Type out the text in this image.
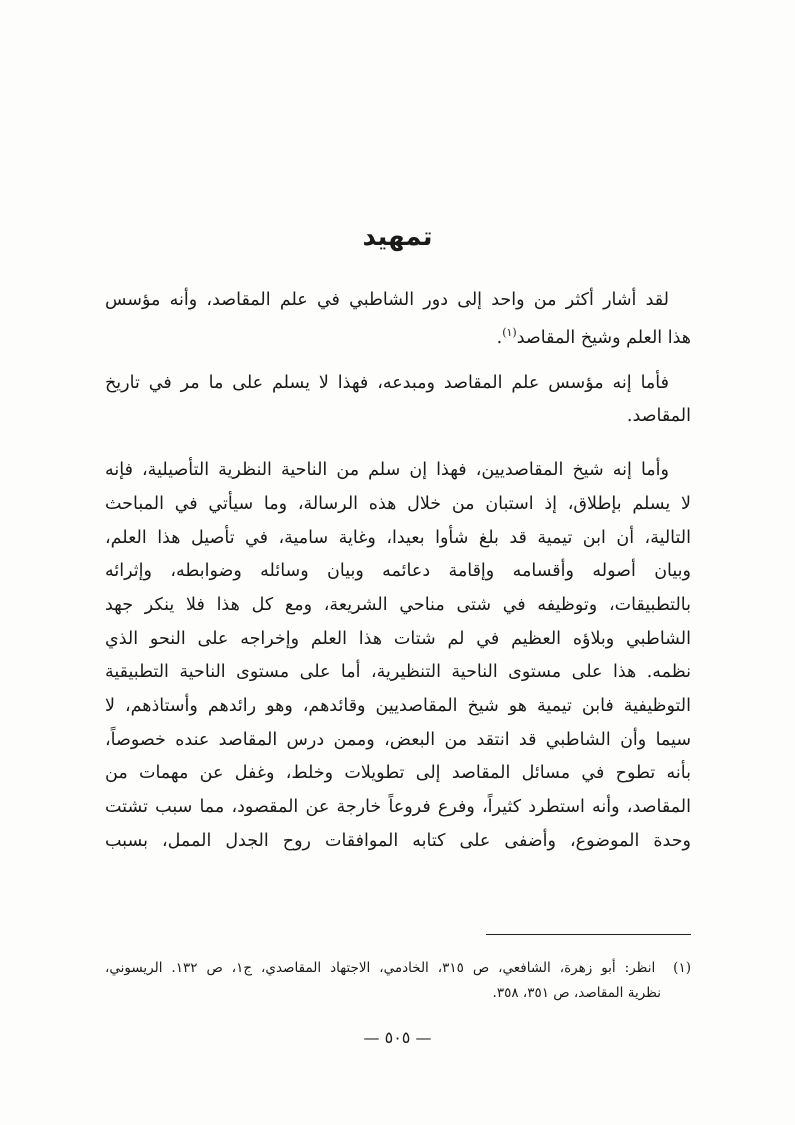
تمهيد
لقد أشار أكثر من واحد إلى دور الشاطبي في علم المقاصد، وأنه مؤسس
هذا العلم وشيخ المقاصد$^{(١)}$.
فأما إنه مؤسس علم المقاصد ومبدعه، فهذا لا يسلم على ما مر في تاريخ
المقاصد.
وأما إنه شيخ المقاصديين، فهذا إن سلم من الناحية النظرية التأصيلية، فإنه
لا يسلم بإطلاق، إذ استبان من خلال هذه الرسالة، وما سيأتي في المباحث
التالية، أن ابن تيمية قد بلغ شأوا بعيدا، وغاية سامية، في تأصيل هذا العلم،
وبيان أصوله وأقسامه وإقامة دعائمه وبيان وسائله وضوابطه، وإثرائه
بالتطبيقات، وتوظيفه في شتى مناحي الشريعة، ومع كل هذا فلا ينكر جهد
الشاطبي وبلاؤه العظيم في لم شتات هذا العلم وإخراجه على النحو الذي
نظمه. هذا على مستوى الناحية التنظيرية، أما على مستوى الناحية التطبيقية
التوظيفية فابن تيمية هو شيخ المقاصديين وقائدهم، وهو رائدهم وأستاذهم، لا
سيما وأن الشاطبي قد انتقد من البعض، وممن درس المقاصد عنده خصوصاً،
بأنه تطوح في مسائل المقاصد إلى تطويلات وخلط، وغفل عن مهمات من
المقاصد، وأنه استطرد كثيراً، وفرع فروعاً خارجة عن المقصود، مما سبب تشتت
وحدة الموضوع، وأضفى على كتابه الموافقات روح الجدل الممل، بسبب
(١)  انظر: أبو زهرة، الشافعي، ص ٣١٥، الخادمي، الاجتهاد المقاصدي، ج١، ص ١٣٢. الريسوني،
نظرية المقاصد، ص ٣٥١، ٣٥٨.
— ٥٠٥ —
